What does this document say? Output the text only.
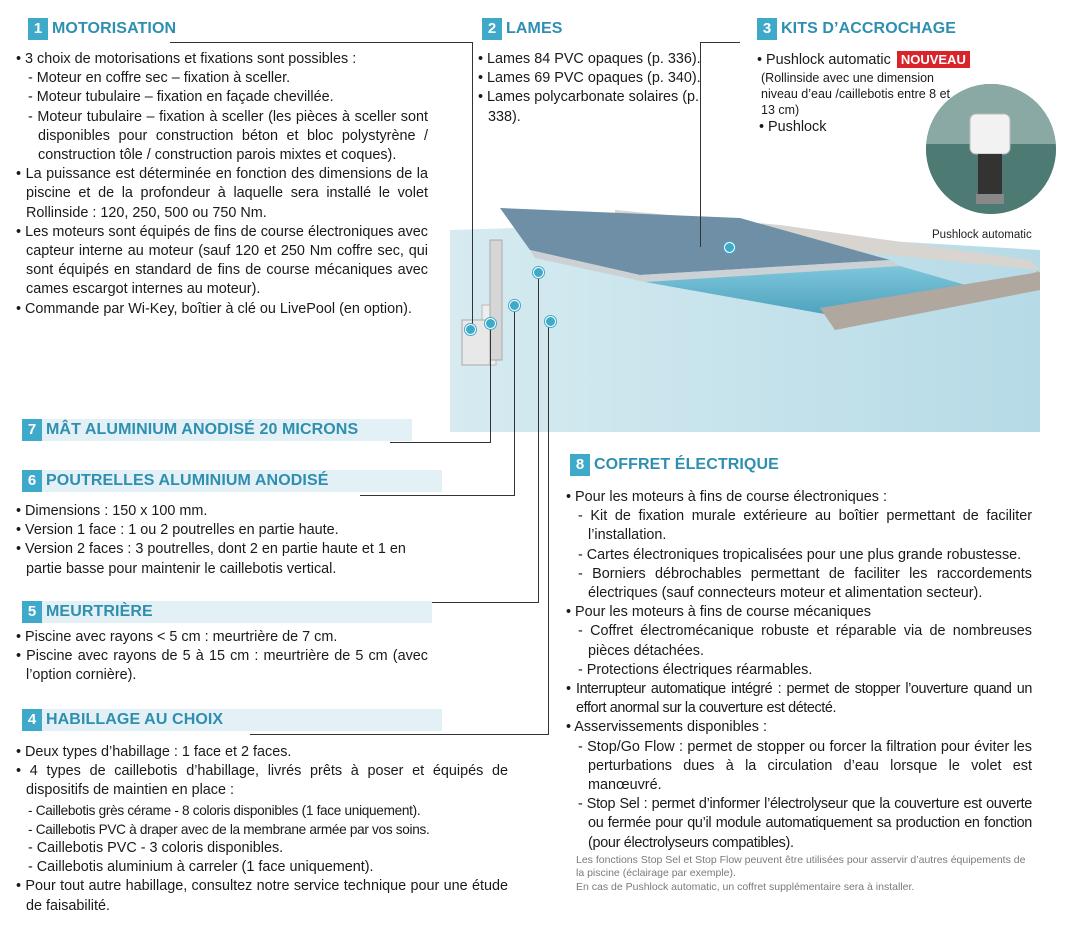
1 MOTORISATION

• 3 choix de motorisations et fixations sont possibles :

- Moteur en coffre sec – fixation à sceller.

- Moteur tubulaire – fixation en façade chevillée.

- Moteur tubulaire – fixation à sceller (les pièces à sceller sont disponibles pour construction béton et bloc polystyrène / construction tôle / construction parois mixtes et coques).

• La puissance est déterminée en fonction des dimensions de la piscine et de la profondeur à laquelle sera installé le volet Rollinside : 120, 250, 500 ou 750 Nm.

• Les moteurs sont équipés de fins de course électroniques avec capteur interne au moteur (sauf 120 et 250 Nm coffre sec, qui sont équipés en standard de fins de course mécaniques avec cames escargot internes au moteur).

• Commande par Wi-Key, boîtier à clé ou LivePool (en option).

2 LAMES

• Lames 84 PVC opaques (p. 336).

• Lames 69 PVC opaques (p. 340).

• Lames polycarbonate solaires (p. 338).

3 KITS D’ACCROCHAGE
• Pushlock automatic NOUVEAU
(Rollinside avec une dimension niveau d’eau /caillebotis entre 8 et 13 cm)
• Pushlock
Pushlock automatic
7 MÂT ALUMINIUM ANODISÉ 20 MICRONS
6 POUTRELLES ALUMINIUM ANODISÉ

• Dimensions : 150 x 100 mm.

• Version 1 face : 1 ou 2 poutrelles en partie haute.

• Version 2 faces : 3 poutrelles, dont 2 en partie haute et 1 en partie basse pour maintenir le caillebotis vertical.

5 MEURTRIÈRE

• Piscine avec rayons < 5 cm : meurtrière de 7 cm.

• Piscine avec rayons de 5 à 15 cm : meurtrière de 5 cm (avec l’option cornière).

4 HABILLAGE AU CHOIX

• Deux types d’habillage : 1 face et 2 faces.

• 4 types de caillebotis d’habillage, livrés prêts à poser et équipés de dispositifs de maintien en place :

- Caillebotis grès cérame - 8 coloris disponibles (1 face uniquement).

- Caillebotis PVC à draper avec de la membrane armée par vos soins.

- Caillebotis PVC - 3 coloris disponibles.

- Caillebotis aluminium à carreler (1 face uniquement).

• Pour tout autre habillage, consultez notre service technique pour une étude de faisabilité.

8 COFFRET ÉLECTRIQUE

• Pour les moteurs à fins de course électroniques :

- Kit de fixation murale extérieure au boîtier permettant de faciliter l’installation.

- Cartes électroniques tropicalisées pour une plus grande robustesse.

- Borniers débrochables permettant de faciliter les raccordements électriques (sauf connecteurs moteur et alimentation secteur).

• Pour les moteurs à fins de course mécaniques

- Coffret électromécanique robuste et réparable via de nombreuses pièces détachées.

- Protections électriques réarmables.

• Interrupteur automatique intégré : permet de stopper l’ouverture quand un effort anormal sur la couverture est détecté.

• Asservissements disponibles :

- Stop/Go Flow : permet de stopper ou forcer la filtration pour éviter les perturbations dues à la circulation d’eau lorsque le volet est manœuvré.

- Stop Sel : permet d’informer l’électrolyseur que la couverture est ouverte ou fermée pour qu’il module automatiquement sa production en fonction (pour électrolyseurs compatibles).

Les fonctions Stop Sel et Stop Flow peuvent être utilisées pour asservir d’autres équipements de la piscine (éclairage par exemple).

En cas de Pushlock automatic, un coffret supplémentaire sera à installer.
